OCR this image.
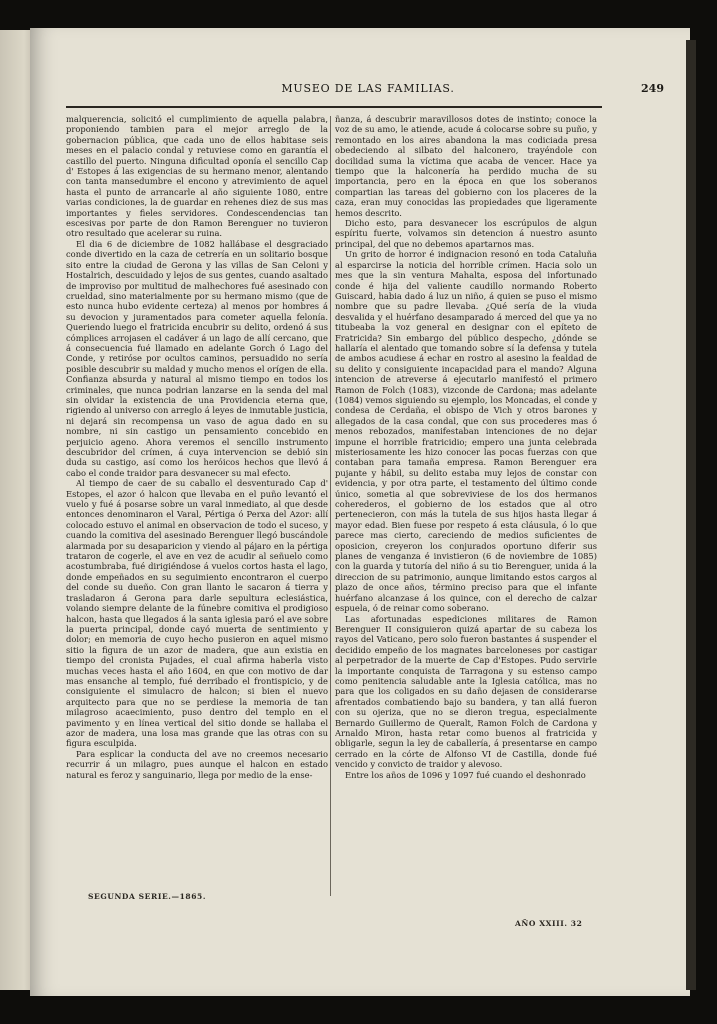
MUSEO DE LAS FAMILIAS.	249

malquerencia, solicitó el cumplimiento de aquella palabra, proponiendo tambien para el mejor arreglo de la gobernacion pública, que cada uno de ellos habitase seis meses en el palacio condal y retuviese como en garantía el castillo del puerto. Ninguna dificultad oponía el sencillo Cap d' Estopes á las exigencias de su hermano menor, alentando con tanta mansedumbre el encono y atrevimiento de aquel hasta el punto de arrancarle al año siguiente 1080, entre varias condiciones, la de guardar en rehenes diez de sus mas importantes y fieles servidores. Condescendencias tan escesivas por parte de don Ramon Berenguer no tuvieron otro resultado que acelerar su ruina.

El dia 6 de diciembre de 1082 hallábase el desgraciado conde divertido en la caza de cetrería en un solitario bosque sito entre la ciudad de Gerona y las villas de San Celoni y Hostalrich, descuidado y lejos de sus gentes, cuando asaltado de improviso por multitud de malhechores fué asesinado con crueldad, sino materialmente por su hermano mismo (que de esto nunca hubo evidente certeza) al menos por hombres á su devocion y juramentados para cometer aquella felonía. Queriendo luego el fratricida encubrir su delito, ordenó á sus cómplices arrojasen el cadáver á un lago de allí cercano, que á consecuencia fué llamado en adelante Gorch ó Lago del Conde, y retiróse por ocultos caminos, persuadido no sería posible descubrir su maldad y mucho menos el orígen de ella. Confianza absurda y natural al mismo tiempo en todos los criminales, que nunca podrian lanzarse en la senda del mal sin olvidar la existencia de una Providencia eterna que, rigiendo al universo con arreglo á leyes de inmutable justicia, ni dejará sin recompensa un vaso de agua dado en su nombre, ni sin castigo un pensamiento concebido en perjuicio ageno. Ahora veremos el sencillo instrumento descubridor del crímen, á cuya intervencion se debió sin duda su castigo, así como los heróicos hechos que llevó á cabo el conde traidor para desvanecer su mal efecto.

Al tiempo de caer de su caballo el desventurado Cap d' Estopes, el azor ó halcon que llevaba en el puño levantó el vuelo y fué á posarse sobre un varal inmediato, al que desde entonces denominaron el Varal, Pértiga ó Perxa del Azor: allí colocado estuvo el animal en observacion de todo el suceso, y cuando la comitiva del asesinado Berenguer llegó buscándole alarmada por su desaparicion y viendo al pájaro en la pértiga trataron de cogerle, el ave en vez de acudir al señuelo como acostumbraba, fué dirigiéndose á vuelos cortos hasta el lago, donde empeñados en su seguimiento encontraron el cuerpo del conde su dueño. Con gran llanto le sacaron á tierra y trasladaron á Gerona para darle sepultura eclesiástica, volando siempre delante de la fúnebre comitiva el prodigioso halcon, hasta que llegados á la santa iglesia paró el ave sobre la puerta principal, donde cayó muerta de sentimiento y dolor; en memoria de cuyo hecho pusieron en aquel mismo sitio la figura de un azor de madera, que aun existia en tiempo del cronista Pujades, el cual afirma haberla visto muchas veces hasta el año 1604, en que con motivo de dar mas ensanche al templo, fué derribado el frontispicio, y de consiguiente el simulacro de halcon; si bien el nuevo arquitecto para que no se perdiese la memoria de tan milagroso acaecimiento, puso dentro del templo en el pavimento y en línea vertical del sitio donde se hallaba el azor de madera, una losa mas grande que las otras con su figura esculpida.

Para esplicar la conducta del ave no creemos necesario recurrir á un milagro, pues aunque el halcon en estado natural es feroz y sanguinario, llega por medio de la ense-

ñanza, á descubrir maravillosos dotes de instinto; conoce la voz de su amo, le atiende, acude á colocarse sobre su puño, y remontado en los aires abandona la mas codiciada presa obedeciendo al silbato del halconero, trayéndole con docilidad suma la víctima que acaba de vencer. Hace ya tiempo que la halconería ha perdido mucha de su importancia, pero en la época en que los soberanos compartian las tareas del gobierno con los placeres de la caza, eran muy conocidas las propiedades que ligeramente hemos descrito.

Dicho esto, para desvanecer los escrúpulos de algun espíritu fuerte, volvamos sin detencion á nuestro asunto principal, del que no debemos apartarnos mas.

Un grito de horror é indignacion resonó en toda Cataluña al esparcirse la noticia del horrible crímen. Hacia solo un mes que la sin ventura Mahalta, esposa del infortunado conde é hija del valiente caudillo normando Roberto Guiscard, habia dado á luz un niño, á quien se puso el mismo nombre que su padre llevaba. ¿Qué sería de la viuda desvalida y el huérfano desamparado á merced del que ya no titubeaba la voz general en designar con el epíteto de Fratricida? Sin embargo del público despecho, ¿dónde se hallaría el alentado que tomando sobre sí la defensa y tutela de ambos acudiese á echar en rostro al asesino la fealdad de su delito y consiguiente incapacidad para el mando? Alguna intencion de atreverse á ejecutarlo manifestó el primero Ramon de Folch (1083), vizconde de Cardona; mas adelante (1084) vemos siguiendo su ejemplo, los Moncadas, el conde y condesa de Cerdaña, el obispo de Vich y otros barones y allegados de la casa condal, que con sus procederes mas ó menos rebozados, manifestaban intenciones de no dejar impune el horrible fratricidio; empero una junta celebrada misteriosamente les hizo conocer las pocas fuerzas con que contaban para tamaña empresa. Ramon Berenguer era pujante y hábil, su delito estaba muy lejos de constar con evidencia, y por otra parte, el testamento del último conde único, sometia al que sobreviviese de los dos hermanos coherederos, el gobierno de los estados que al otro pertenecieron, con más la tutela de sus hijos hasta llegar á mayor edad. Bien fuese por respeto á esta cláusula, ó lo que parece mas cierto, careciendo de medios suficientes de oposicion, creyeron los conjurados oportuno diferir sus planes de venganza é invistieron (6 de noviembre de 1085) con la guarda y tutoría del niño á su tio Berenguer, unida á la direccion de su patrimonio, aunque limitando estos cargos al plazo de once años, término preciso para que el infante huérfano alcanzase á los quince, con el derecho de calzar espuela, ó de reinar como soberano.

Las afortunadas espediciones militares de Ramon Berenguer II consiguieron quizá apartar de su cabeza los rayos del Vaticano, pero solo fueron bastantes á suspender el decidido empeño de los magnates barceloneses por castigar al perpetrador de la muerte de Cap d'Estopes. Pudo servirle la importante conquista de Tarragona y su estenso campo como penitencia saludable ante la Iglesia católica, mas no para que los coligados en su daño dejasen de considerarse afrentados combatiendo bajo su bandera, y tan allá fueron con su ojeriza, que no se dieron tregua, especialmente Bernardo Guillermo de Queralt, Ramon Folch de Cardona y Arnaldo Miron, hasta retar como buenos al fratricida y obligarle, segun la ley de caballería, á presentarse en campo cerrado en la córte de Alfonso VI de Castilla, donde fué vencido y convicto de traidor y alevoso.

Entre los años de 1096 y 1097 fué cuando el deshonrado

SEGUNDA SERIE.—1865.
AÑO XXIII. 32
